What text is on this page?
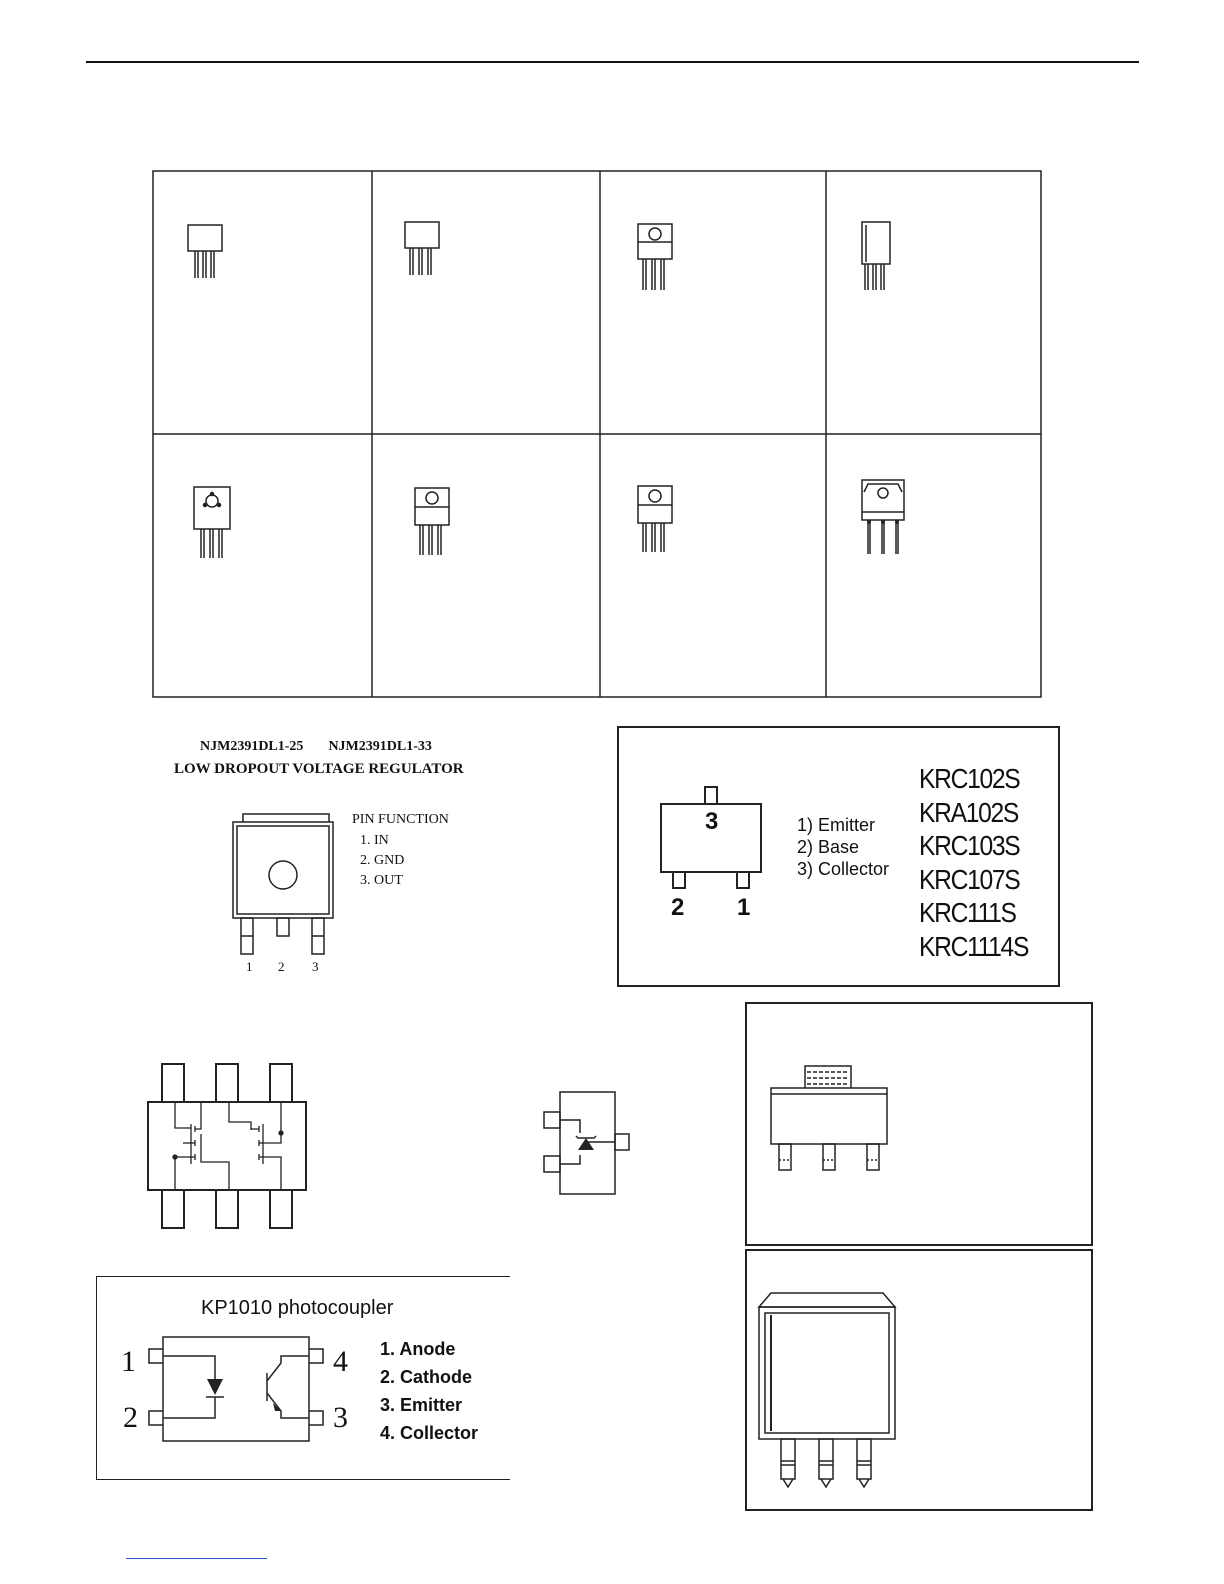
NJM2391DL1-25 NJM2391DL1-33
LOW DROPOUT VOLTAGE REGULATOR
1 2 3
PIN FUNCTION
1. IN
2. GND
3. OUT
3
2 1
1) Emitter
2) Base
3) Collector
KRC102S
KRA102S
KRC103S
KRC107S
KRC111S
KRC1114S
KP1010 photocoupler
1
2	3
4 1. Anode
2. Cathode
3. Emitter
4. Collector
